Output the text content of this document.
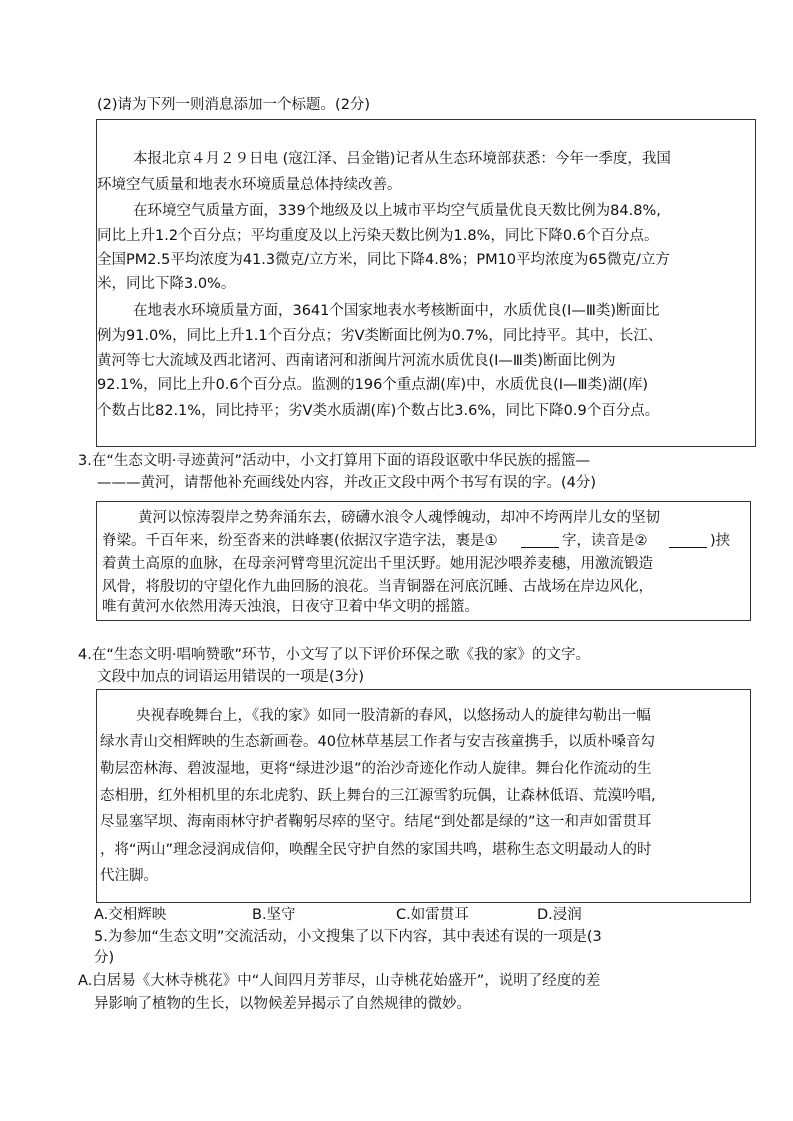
(2)请为下列一则消息添加一个标题。(2分)
本报北京４月２９日电 (寇江泽、吕金锴)记者从生态环境部获悉：今年一季度，我国
环境空气质量和地表水环境质量总体持续改善。
在环境空气质量方面，339个地级及以上城市平均空气质量优良天数比例为84.8%,
同比上升1.2个百分点；平均重度及以上污染天数比例为1.8%，同比下降0.6个百分点。
全国PM2.5平均浓度为41.3微克/立方米，同比下降4.8%；PM10平均浓度为65微克/立方
米，同比下降3.0%。
在地表水环境质量方面，3641个国家地表水考核断面中，水质优良(Ⅰ—Ⅲ类)断面比
例为91.0%，同比上升1.1个百分点；劣Ⅴ类断面比例为0.7%，同比持平。其中，长江、
黄河等七大流域及西北诸河、西南诸河和浙闽片河流水质优良(Ⅰ—Ⅲ类)断面比例为
92.1%，同比上升0.6个百分点。监测的196个重点湖(库)中，水质优良(Ⅰ—Ⅲ类)湖(库)
个数占比82.1%，同比持平；劣Ⅴ类水质湖(库)个数占比3.6%，同比下降0.9个百分点。
3.在“生态文明·寻迹黄河”活动中，小文打算用下面的语段讴歌中华民族的摇篮—
———黄河，请帮他补充画线处内容，并改正文段中两个书写有误的字。(4分)
黄河以惊涛裂岸之势奔涌东去，磅礴水浪令人魂悸魄动，却冲不垮两岸儿女的坚韧
脊梁。千百年来，纷至沓来的洪峰裹(依据汉字造字法，裹是①	字，读音是②	)挟
着黄土高原的血脉，在母亲河臂弯里沉淀出千里沃野。她用泥沙喂养麦穗，用激流锻造
风骨，将殷切的守望化作九曲回肠的浪花。当青铜器在河底沉睡、古战场在岸边风化，
唯有黄河水依然用涛天浊浪，日夜守卫着中华文明的摇篮。
4.在“生态文明·唱响赞歌”环节，小文写了以下评价环保之歌《我的家》的文字。
文段中加点的词语运用错误的一项是(3分)
央视春晚舞台上，《我的家》如同一股清新的春风，以悠扬动人的旋律勾勒出一幅
绿水青山交相辉映的生态新画卷。40位林草基层工作者与安吉孩童携手，以质朴嗓音勾
勒层峦林海、碧波湿地，更将“绿进沙退”的治沙奇迹化作动人旋律。舞台化作流动的生
态相册，红外相机里的东北虎豹、跃上舞台的三江源雪豹玩偶，让森林低语、荒漠吟唱,
尽显塞罕坝、海南雨林守护者鞠躬尽瘁的坚守。结尾“到处都是绿的”这一和声如雷贯耳
，将“两山”理念浸润成信仰，唤醒全民守护自然的家国共鸣，堪称生态文明最动人的时
代注脚。
A.交相辉映	B.坚守	C.如雷贯耳	D.浸润
5.为参加“生态文明”交流活动，小文搜集了以下内容，其中表述有误的一项是(3
分)
A.白居易《大林寺桃花》中“人间四月芳菲尽，山寺桃花始盛开”，说明了经度的差
异影响了植物的生长，以物候差异揭示了自然规律的微妙。
